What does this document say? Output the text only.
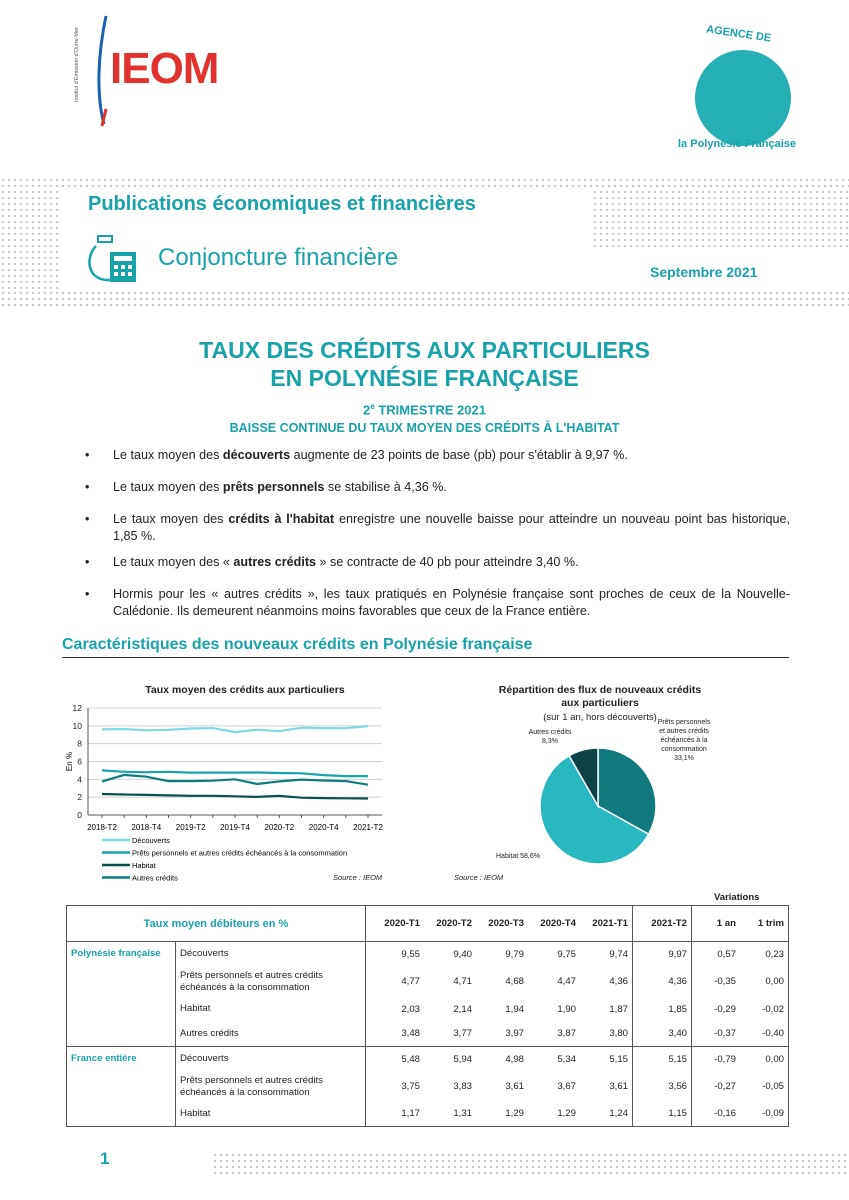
Institut d'Émission d'Outre-Mer IEOM
AGENCE DE
la Polynésie Française
Publications économiques et financières
Conjoncture financière
Septembre 2021
TAUX DES CRÉDITS AUX PARTICULIERS
EN POLYNÉSIE FRANÇAISE
2e TRIMESTRE 2021
BAISSE CONTINUE DU TAUX MOYEN DES CRÉDITS À L'HABITAT
• Le taux moyen des découverts augmente de 23 points de base (pb) pour s'établir à 9,97 %.
• Le taux moyen des prêts personnels se stabilise à 4,36 %.
• Le taux moyen des crédits à l'habitat enregistre une nouvelle baisse pour atteindre un nouveau point bas historique, 1,85 %.
• Le taux moyen des « autres crédits » se contracte de 40 pb pour atteindre 3,40 %.
• Hormis pour les « autres crédits », les taux pratiqués en Polynésie française sont proches de ceux de la Nouvelle-Calédonie. Ils demeurent néanmoins moins favorables que ceux de la France entière.
Caractéristiques des nouveaux crédits en Polynésie française
Taux moyen des crédits aux particuliers
0
2
4
6
8
10
12
En %
2018-T2 2018-T4 2019-T2 2019-T4 2020-T2 2020-T4 2021-T2
Découverts
Prêts personnels et autres crédits échéancés à la consommation
Habitat
Autres crédits	Source : IEOM
Répartition des flux de nouveaux crédits
aux particuliers
(sur 1 an, hors découverts)
Autres crédits
8,3%
Prêts personnels et autres crédits échéancés à la consommation
33,1%
Habitat 58,6%
Source : IEOM
Variations
Taux moyen débiteurs en %		2020-T1	2020-T2	2020-T3	2020-T4	2021-T1	2021-T2	1 an	1 trim
Polynésie française	Découverts	9,55	9,40	9,79	9,75	9,74	9,97	0,57	0,23
	Prêts personnels et autres crédits échéancés à la consommation	4,77	4,71	4,68	4,47	4,36	4,36	-0,35	0,00
	Habitat	2,03	2,14	1,94	1,90	1,87	1,85	-0,29	-0,02
	Autres crédits	3,48	3,77	3,97	3,87	3,80	3,40	-0,37	-0,40
France entière	Découverts	5,48	5,94	4,98	5,34	5,15	5,15	-0,79	0,00
	Prêts personnels et autres crédits échéancés à la consommation	3,75	3,83	3,61	3,67	3,61	3,56	-0,27	-0,05
	Habitat	1,17	1,31	1,29	1,29	1,24	1,15	-0,16	-0,09
1
